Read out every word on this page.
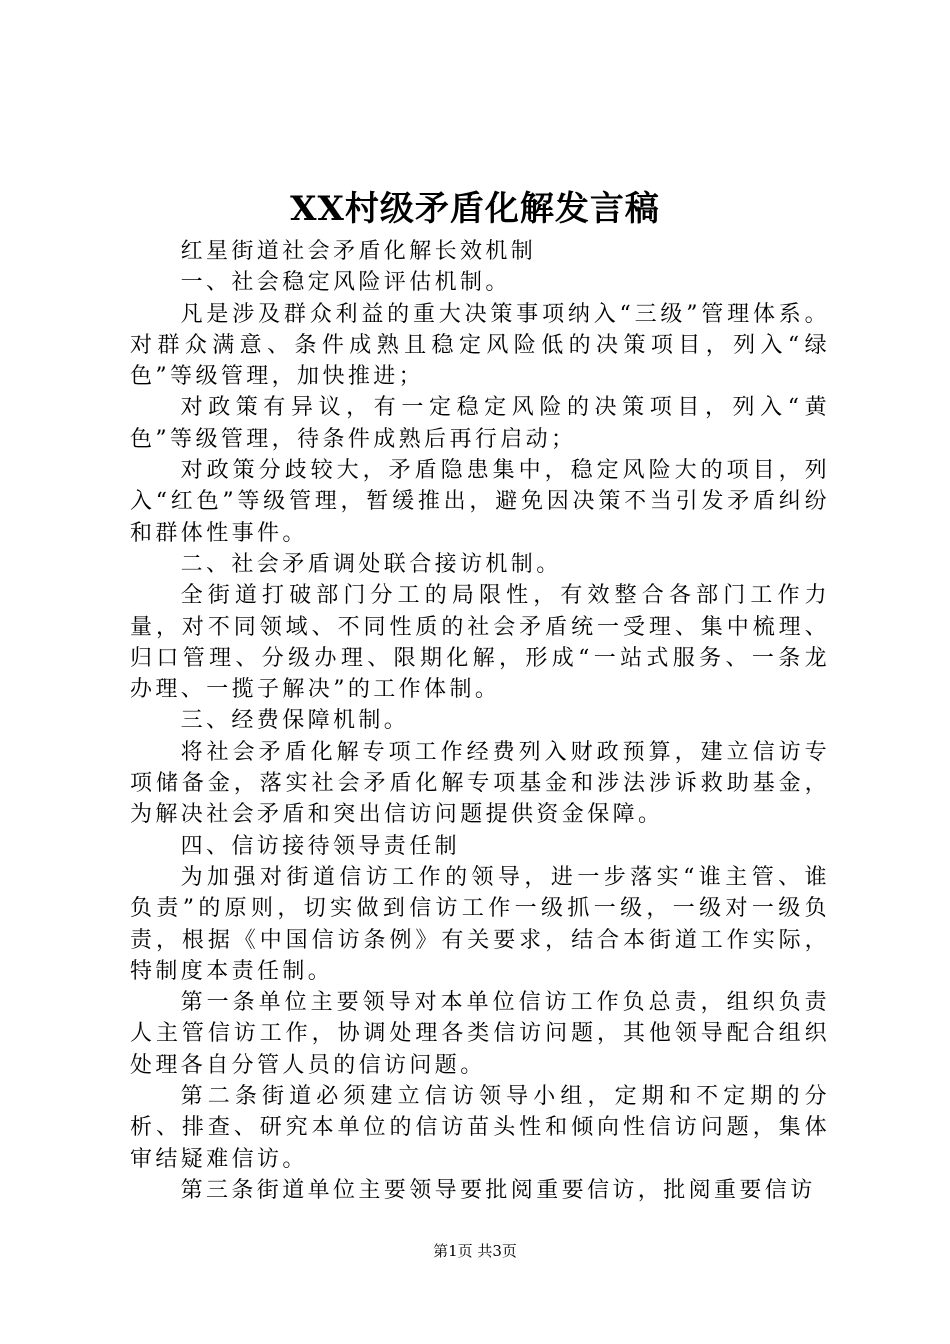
XX村级矛盾化解发言稿

红星街道社会矛盾化解长效机制

一、社会稳定风险评估机制。

凡是涉及群众利益的重大决策事项纳入“三级”管理体系。对群众满意、条件成熟且稳定风险低的决策项目，列入“绿色”等级管理，加快推进；

对政策有异议，有一定稳定风险的决策项目，列入“黄色”等级管理，待条件成熟后再行启动；

对政策分歧较大，矛盾隐患集中，稳定风险大的项目，列入“红色”等级管理，暂缓推出，避免因决策不当引发矛盾纠纷和群体性事件。

二、社会矛盾调处联合接访机制。

全街道打破部门分工的局限性，有效整合各部门工作力量，对不同领域、不同性质的社会矛盾统一受理、集中梳理、归口管理、分级办理、限期化解，形成“一站式服务、一条龙办理、一揽子解决”的工作体制。

三、经费保障机制。

将社会矛盾化解专项工作经费列入财政预算，建立信访专项储备金，落实社会矛盾化解专项基金和涉法涉诉救助基金，为解决社会矛盾和突出信访问题提供资金保障。

四、信访接待领导责任制

为加强对街道信访工作的领导，进一步落实“谁主管、谁负责”的原则，切实做到信访工作一级抓一级，一级对一级负责，根据《中国信访条例》有关要求，结合本街道工作实际，特制度本责任制。

第一条单位主要领导对本单位信访工作负总责，组织负责人主管信访工作，协调处理各类信访问题，其他领导配合组织处理各自分管人员的信访问题。

第二条街道必须建立信访领导小组，定期和不定期的分析、排查、研究本单位的信访苗头性和倾向性信访问题，集体审结疑难信访。

第三条街道单位主要领导要批阅重要信访，批阅重要信访

第1页 共3页
